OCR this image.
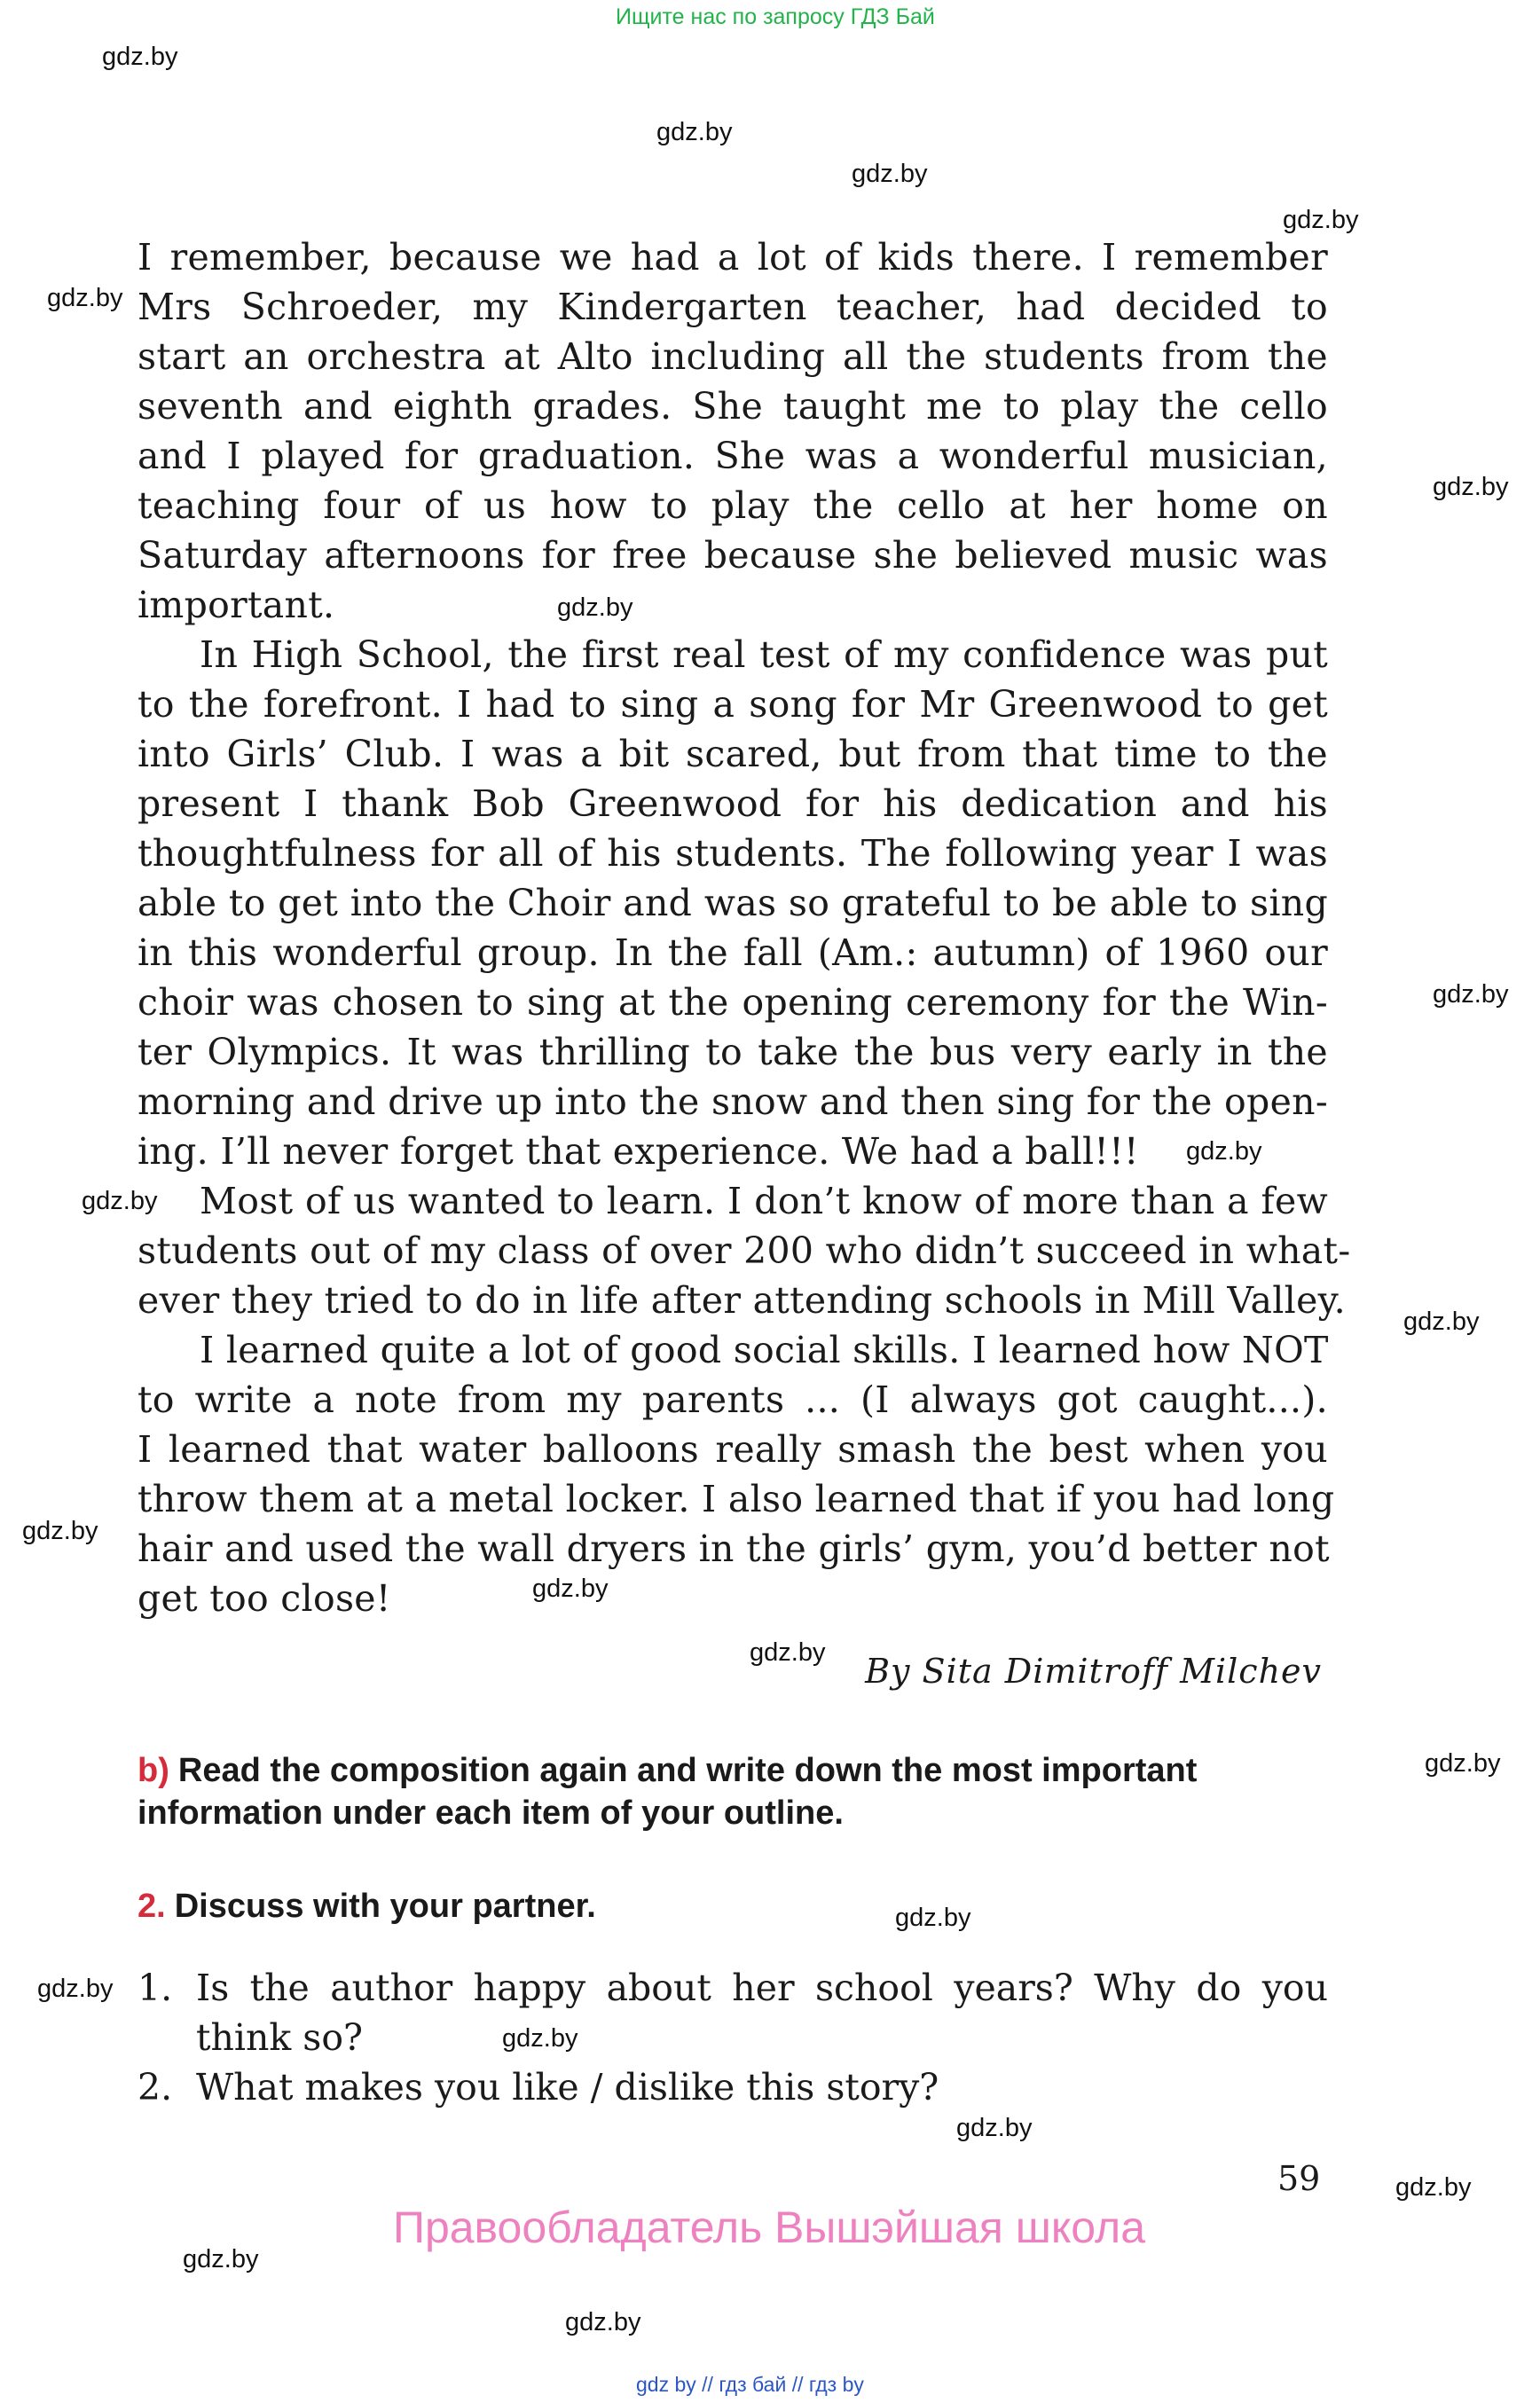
Ищите нас по запросу ГДЗ Бай
gdz.by
gdz.by
gdz.by
gdz.by
gdz.by
gdz.by
gdz.by
gdz.by
gdz.by
gdz.by
gdz.by
gdz.by
gdz.by
gdz.by
gdz.by
gdz.by
gdz.by
gdz.by
gdz.by
gdz.by
gdz.by
gdz.by
I remember, because we had a lot of kids there. I remember
Mrs Schroeder, my Kindergarten teacher, had decided to
start an orchestra at Alto including all the students from the
seventh and eighth grades. She taught me to play the cello
and I played for graduation. She was a wonderful musician,
teaching four of us how to play the cello at her home on
Saturday afternoons for free because she believed music was
important.
In High School, the first real test of my confidence was put
to the forefront. I had to sing a song for Mr Greenwood to get
into Girls’ Club. I was a bit scared, but from that time to the
present I thank Bob Greenwood for his dedication and his
thoughtfulness for all of his students. The following year I was
able to get into the Choir and was so grateful to be able to sing
in this wonderful group. In the fall (Am.: autumn) of 1960 our
choir was chosen to sing at the opening ceremony for the Win-
ter Olympics. It was thrilling to take the bus very early in the
morning and drive up into the snow and then sing for the open-
ing. I’ll never forget that experience. We had a ball!!!
Most of us wanted to learn. I don’t know of more than a few
students out of my class of over 200 who didn’t succeed in what-
ever they tried to do in life after attending schools in Mill Valley.
I learned quite a lot of good social skills. I learned how NOT
to write a note from my parents ... (I always got caught...).
I learned that water balloons really smash the best when you
throw them at a metal locker. I also learned that if you had long
hair and used the wall dryers in the girls’ gym, you’d better not
get too close!
By Sita Dimitroff Milchev
b) Read the composition again and write down the most important
information under each item of your outline.
2. Discuss with your partner.
1. Is the author happy about her school years? Why do you
think so?
2. What makes you like / dislike this story?
59
Правообладатель Вышэйшая школа
gdz by // гдз бай // гдз by
